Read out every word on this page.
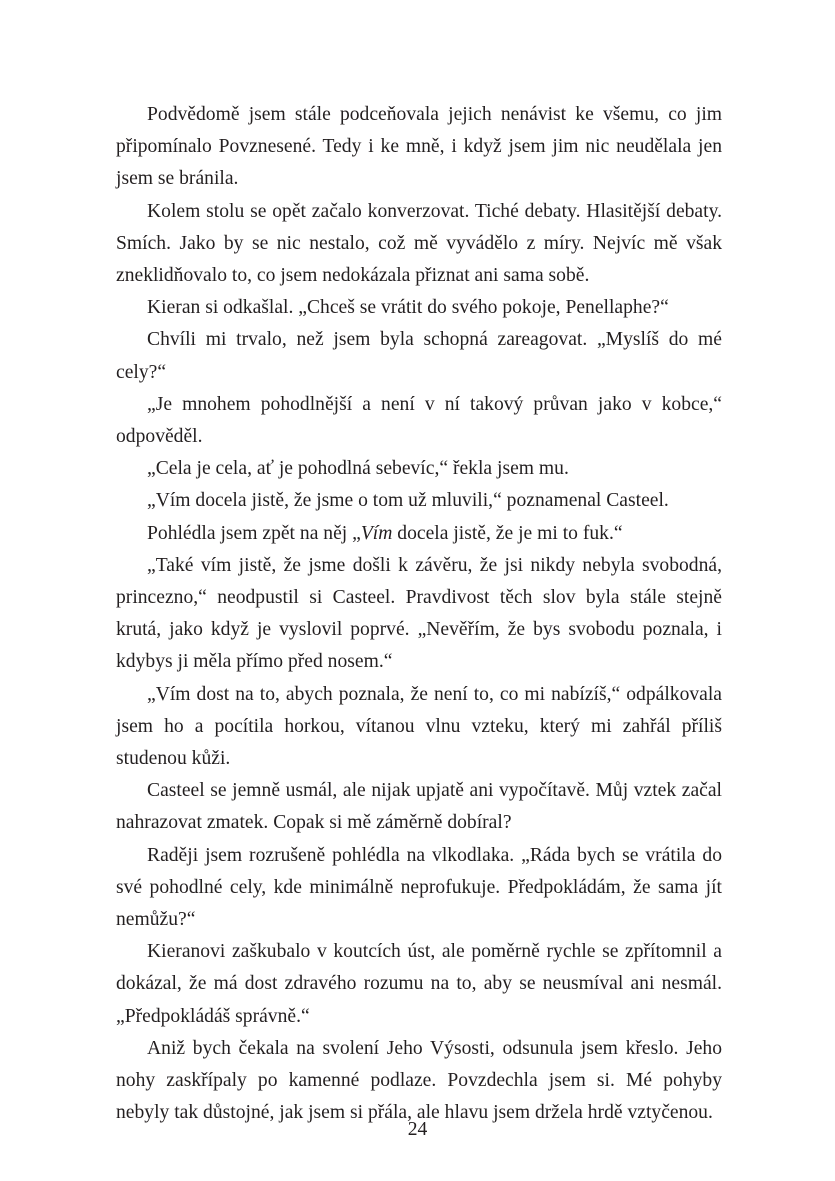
Podvědomě jsem stále podceňovala jejich nenávist ke všemu, co jim připomínalo Povznesené. Tedy i ke mně, i když jsem jim nic neudělala jen jsem se bránila.

Kolem stolu se opět začalo konverzovat. Tiché debaty. Hlasitější debaty. Smích. Jako by se nic nestalo, což mě vyvádělo z míry. Nejvíc mě však zneklidňovalo to, co jsem nedokázala přiznat ani sama sobě.

Kieran si odkašlal. „Chceš se vrátit do svého pokoje, Penellaphe?“

Chvíli mi trvalo, než jsem byla schopná zareagovat. „Myslíš do mé cely?“

„Je mnohem pohodlnější a není v ní takový průvan jako v kobce,“ odpověděl.

„Cela je cela, ať je pohodlná sebevíc,“ řekla jsem mu.

„Vím docela jistě, že jsme o tom už mluvili,“ poznamenal Casteel.

Pohlédla jsem zpět na něj „Vím docela jistě, že je mi to fuk.“

„Také vím jistě, že jsme došli k závěru, že jsi nikdy nebyla svobodná, princezno,“ neodpustil si Casteel. Pravdivost těch slov byla stále stejně krutá, jako když je vyslovil poprvé. „Nevěřím, že bys svobodu poznala, i kdybys ji měla přímo před nosem.“

„Vím dost na to, abych poznala, že není to, co mi nabízíš,“ odpálkovala jsem ho a pocítila horkou, vítanou vlnu vzteku, který mi zahřál příliš studenou kůži.

Casteel se jemně usmál, ale nijak upjatě ani vypočítavě. Můj vztek začal nahrazovat zmatek. Copak si mě záměrně dobíral?

Raději jsem rozrušeně pohlédla na vlkodlaka. „Ráda bych se vrátila do své pohodlné cely, kde minimálně neprofukuje. Předpokládám, že sama jít nemůžu?“

Kieranovi zaškubalo v koutcích úst, ale poměrně rychle se zpřítomnil a dokázal, že má dost zdravého rozumu na to, aby se neusmíval ani nesmál. „Předpokládáš správně.“

Aniž bych čekala na svolení Jeho Výsosti, odsunula jsem křeslo. Jeho nohy zaskřípaly po kamenné podlaze. Povzdechla jsem si. Mé pohyby nebyly tak důstojné, jak jsem si přála, ale hlavu jsem držela hrdě vztyčenou.

24
